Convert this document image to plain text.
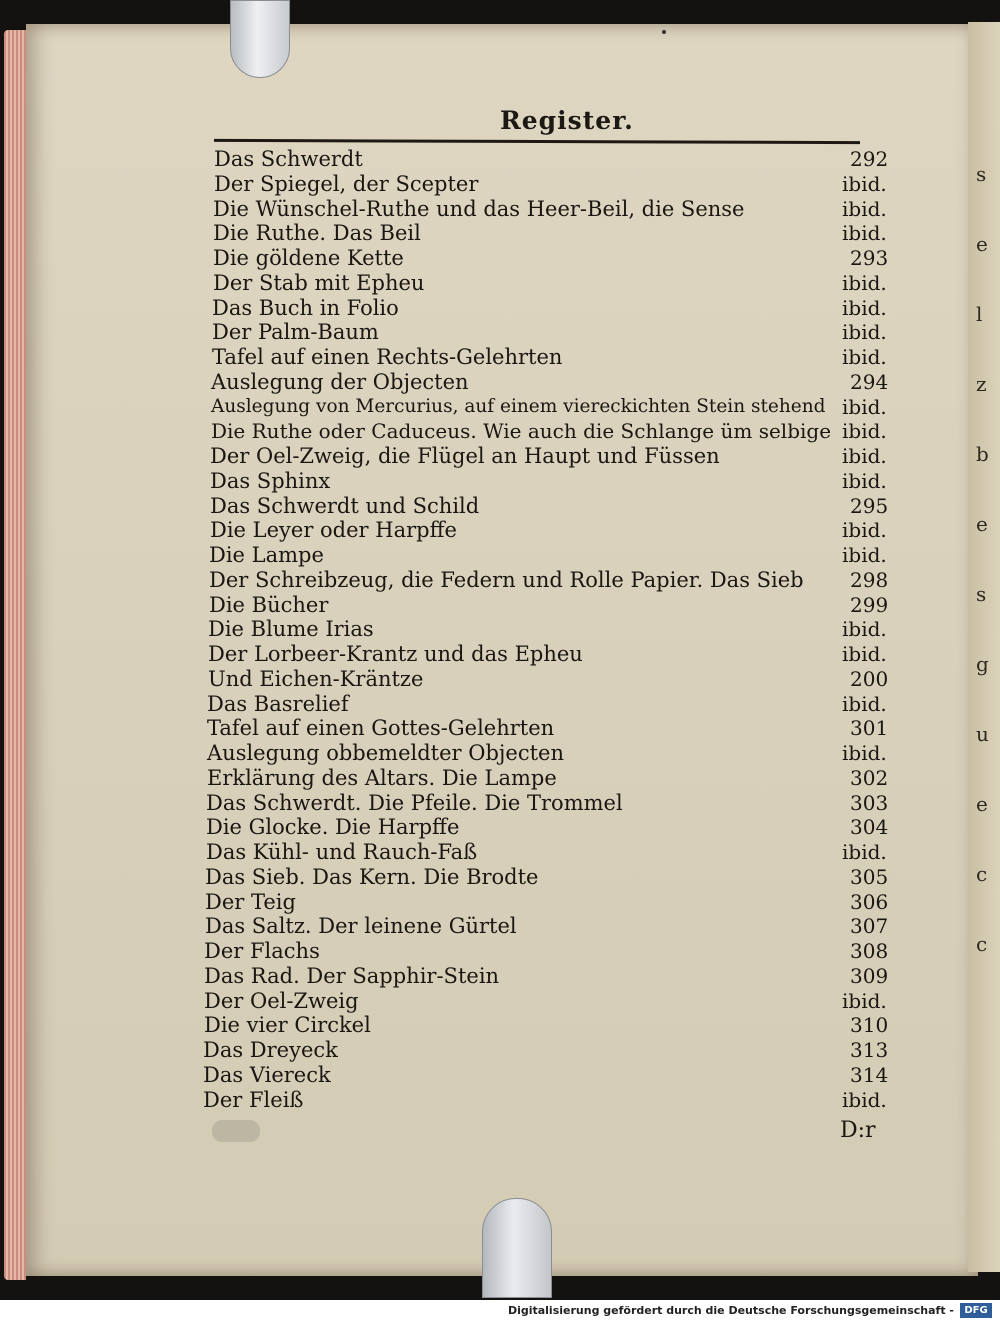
s
e
l
z
b
e
s
g
u
e
c
c
Register.
Das Schwerdt	292
Der Spiegel, der Scepter	ibid.
Die Wünschel-Ruthe und das Heer-Beil, die Sense	ibid.
Die Ruthe. Das Beil	ibid.
Die göldene Kette	293
Der Stab mit Epheu	ibid.
Das Buch in Folio	ibid.
Der Palm-Baum	ibid.
Tafel auf einen Rechts-Gelehrten	ibid.
Auslegung der Objecten	294
Auslegung von Mercurius, auf einem viereckichten Stein stehend ibid.
Die Ruthe oder Caduceus. Wie auch die Schlange üm selbige ibid.
Der Oel-Zweig, die Flügel an Haupt und Füssen	ibid.
Das Sphinx	ibid.
Das Schwerdt und Schild	295
Die Leyer oder Harpffe	ibid.
Die Lampe	ibid.
Der Schreibzeug, die Federn und Rolle Papier. Das Sieb 298
Die Bücher	299
Die Blume Irias	ibid.
Der Lorbeer-Krantz und das Epheu	ibid.
Und Eichen-Kräntze	200
Das Basrelief	ibid.
Tafel auf einen Gottes-Gelehrten	301
Auslegung obbemeldter Objecten	ibid.
Erklärung des Altars. Die Lampe	302
Das Schwerdt. Die Pfeile. Die Trommel	303
Die Glocke. Die Harpffe	304
Das Kühl- und Rauch-Faß	ibid.
Das Sieb. Das Kern. Die Brodte	305
Der Teig	306
Das Saltz. Der leinene Gürtel	307
Der Flachs	308
Das Rad. Der Sapphir-Stein	309
Der Oel-Zweig	ibid.
Die vier Circkel	310
Das Dreyeck	313
Das Viereck	314
Der Fleiß	ibid.
D:r
Digitalisierung gefördert durch die Deutsche Forschungsgemeinschaft -	DFG
